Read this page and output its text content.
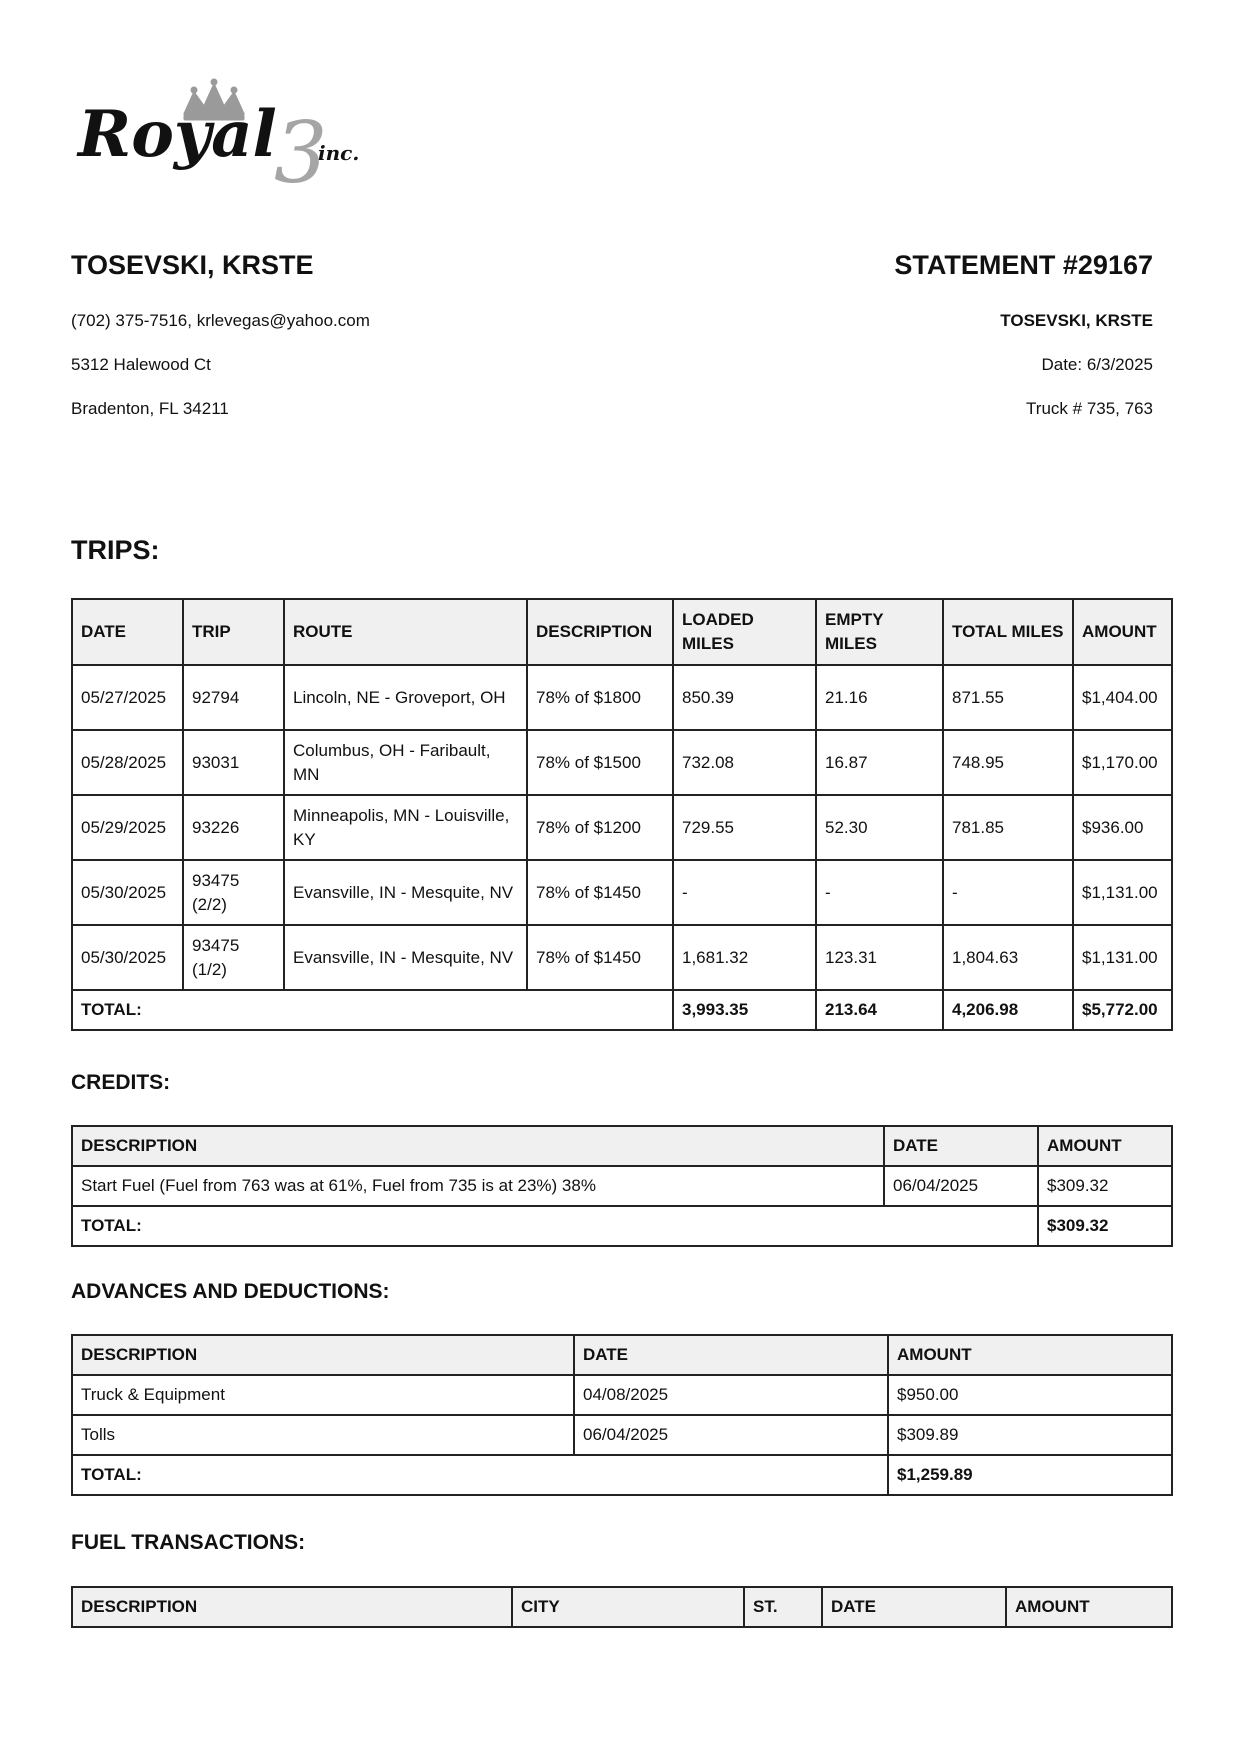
Royal
3
inc.
TOSEVSKI, KRSTE
(702) 375-7516, krlevegas@yahoo.com
5312 Halewood Ct
Bradenton, FL 34211
STATEMENT #29167
TOSEVSKI, KRSTE
Date: 6/3/2025
Truck # 735, 763
TRIPS:
DATE	TRIP	ROUTE	DESCRIPTION	LOADED MILES	EMPTY MILES	TOTAL MILES	AMOUNT
05/27/2025	92794	Lincoln, NE - Groveport, OH	78% of $1800	850.39	21.16	871.55	$1,404.00
05/28/2025	93031	Columbus, OH - Faribault, MN	78% of $1500	732.08	16.87	748.95	$1,170.00
05/29/2025	93226	Minneapolis, MN - Louisville, KY	78% of $1200	729.55	52.30	781.85	$936.00
05/30/2025	93475 (2/2)	Evansville, IN - Mesquite, NV	78% of $1450	-	-	-	$1,131.00
05/30/2025	93475 (1/2)	Evansville, IN - Mesquite, NV	78% of $1450	1,681.32	123.31	1,804.63	$1,131.00
TOTAL:				3,993.35	213.64	4,206.98	$5,772.00
CREDITS:
DESCRIPTION	DATE	AMOUNT
Start Fuel (Fuel from 763 was at 61%, Fuel from 735 is at 23%) 38%	06/04/2025	$309.32
TOTAL:		$309.32
ADVANCES AND DEDUCTIONS:
DESCRIPTION	DATE	AMOUNT
Truck & Equipment	04/08/2025	$950.00
Tolls	06/04/2025	$309.89
TOTAL:		$1,259.89
FUEL TRANSACTIONS:
DESCRIPTION	CITY	ST.	DATE	AMOUNT
